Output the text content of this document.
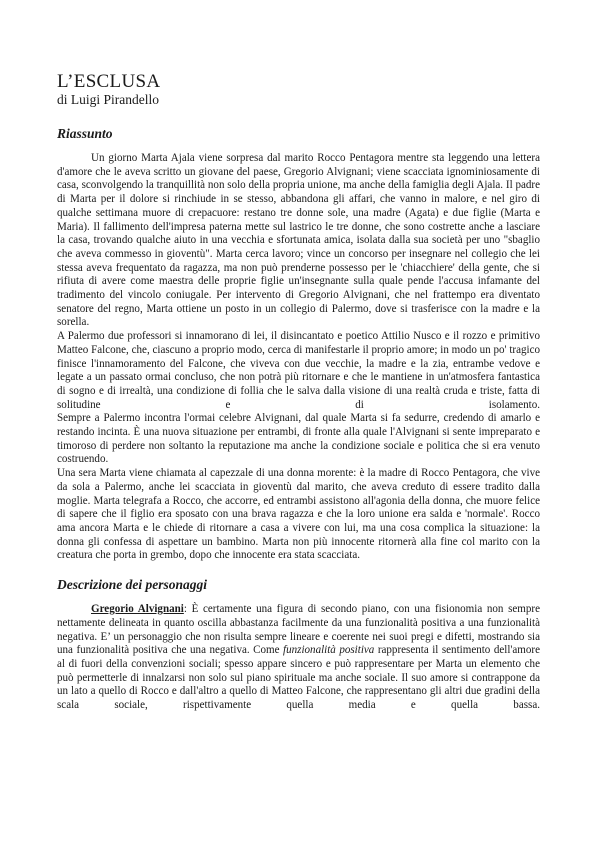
L’ESCLUSA
di Luigi Pirandello
Riassunto

Un giorno Marta Ajala viene sorpresa dal marito Rocco Pentagora mentre sta leggendo una lettera d'amore che le aveva scritto un giovane del paese, Gregorio Alvignani; viene scacciata ignominiosamente di casa, sconvolgendo la tranquillità non solo della propria unione, ma anche della famiglia degli Ajala. Il padre di Marta per il dolore si rinchiude in se stesso, abbandona gli affari, che vanno in malore, e nel giro di qualche settimana muore di crepacuore: restano tre donne sole, una madre (Agata) e due figlie (Marta e Maria). Il fallimento dell'impresa paterna mette sul lastrico le tre donne, che sono costrette anche a lasciare la casa, trovando qualche aiuto in una vecchia e sfortunata amica, isolata dalla sua società per uno "sbaglio che aveva commesso in gioventù". Marta cerca lavoro; vince un concorso per insegnare nel collegio che lei stessa aveva frequentato da ragazza, ma non può prenderne possesso per le 'chiacchiere' della gente, che si rifiuta di avere come maestra delle proprie figlie un'insegnante sulla quale pende l'accusa infamante del tradimento del vincolo coniugale. Per intervento di Gregorio Alvignani, che nel frattempo era diventato senatore del regno, Marta ottiene un posto in un collegio di Palermo, dove si trasferisce con la madre e la sorella.

A Palermo due professori si innamorano di lei, il disincantato e poetico Attilio Nusco e il rozzo e primitivo Matteo Falcone, che, ciascuno a proprio modo, cerca di manifestarle il proprio amore; in modo un po' tragico finisce l'innamoramento del Falcone, che viveva con due vecchie, la madre e la zia, entrambe vedove e legate a un passato ormai concluso, che non potrà più ritornare e che le mantiene in un'atmosfera fantastica di sogno e di irrealtà, una condizione di follia che le salva dalla visione di una realtà cruda e triste, fatta di solitudine e di isolamento.

Sempre a Palermo incontra l'ormai celebre Alvignani, dal quale Marta si fa sedurre, credendo di amarlo e restando incinta. È una nuova situazione per entrambi, di fronte alla quale l'Alvignani si sente impreparato e timoroso di perdere non soltanto la reputazione ma anche la condizione sociale e politica che si era venuto costruendo.

Una sera Marta viene chiamata al capezzale di una donna morente: è la madre di Rocco Pentagora, che vive da sola a Palermo, anche lei scacciata in gioventù dal marito, che aveva creduto di essere tradito dalla moglie. Marta telegrafa a Rocco, che accorre, ed entrambi assistono all'agonia della donna, che muore felice di sapere che il figlio era sposato con una brava ragazza e che la loro unione era salda e 'normale'. Rocco ama ancora Marta e le chiede di ritornare a casa a vivere con lui, ma una cosa complica la situazione: la donna gli confessa di aspettare un bambino. Marta non più innocente ritornerà alla fine col marito con la creatura che porta in grembo, dopo che innocente era stata scacciata.

Descrizione dei personaggi

Gregorio Alvignani: È certamente una figura di secondo piano, con una fisionomia non sempre nettamente delineata in quanto oscilla abbastanza facilmente da una funzionalità positiva a una funzionalità negativa. E’ un personaggio che non risulta sempre lineare e coerente nei suoi pregi e difetti, mostrando sia una funzionalità positiva che una negativa. Come funzionalità positiva rappresenta il sentimento dell'amore al di fuori della convenzioni sociali; spesso appare sincero e può rappresentare per Marta un elemento che può permetterle di innalzarsi non solo sul piano spirituale ma anche sociale. Il suo amore si contrappone da un lato a quello di Rocco e dall'altro a quello di Matteo Falcone, che rappresentano gli altri due gradini della scala sociale, rispettivamente quella media e quella bassa.
